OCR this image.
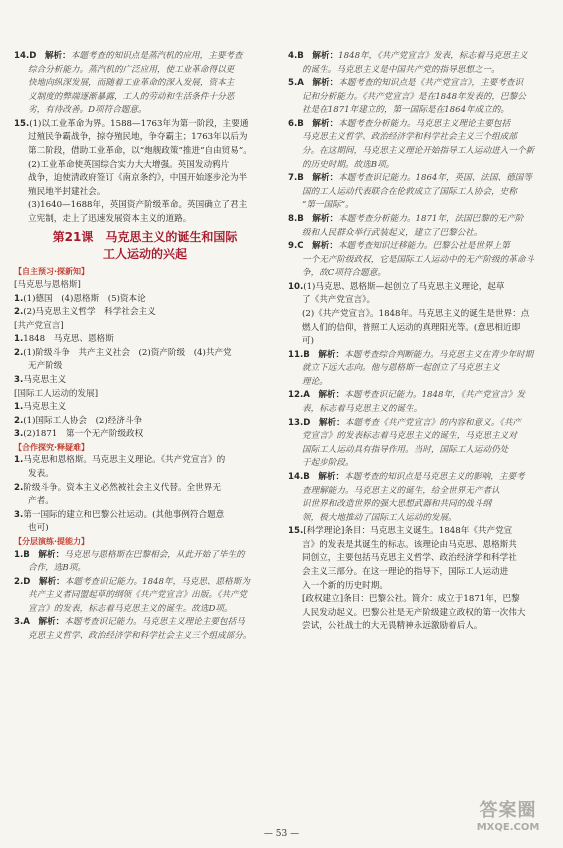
14.D　解析：本题考查的知识点是蒸汽机的应用，主要考查

综合分析能力。蒸汽机的广泛应用，使工业革命得以更

快地向纵深发展，而随着工业革命的深入发展，资本主

义制度的弊端逐渐暴露，工人的劳动和生活条件十分恶

劣，有待改善。D项符合题意。

15.(1)以工业革命为界。1588—1763年为第一阶段，主要通

过殖民争霸战争，掠夺殖民地，争夺霸主；1763年以后为

第二阶段，借助工业革命，以“炮舰政策”推进“自由贸易”。

(2)工业革命使英国综合实力大大增强。英国发动鸦片

战争，迫使清政府签订《南京条约》，中国开始逐步沦为半

殖民地半封建社会。

(3)1640—1688年，英国资产阶级革命。英国确立了君主

立宪制，走上了迅速发展资本主义的道路。

第21课　马克思主义的诞生和国际
工人运动的兴起

【自主预习·探新知】

[马克思与恩格斯]

1.(1)德国　(4)恩格斯　(5)资本论

2.(2)马克思主义哲学　科学社会主义

[共产党宣言]

1.1848　马克思、恩格斯

2.(1)阶级斗争　共产主义社会　(2)资产阶级　(4)共产党

无产阶级

3.马克思主义

[国际工人运动的发展]

1.马克思主义

2.(1)国际工人协会　(2)经济斗争

3.(2)1871　第一个无产阶级政权

【合作探究·释疑难】

1.马克思和恩格斯。马克思主义理论。《共产党宣言》的

发表。

2.阶级斗争。资本主义必然被社会主义代替。全世界无

产者。

3.第一国际的建立和巴黎公社运动。(其他事例符合题意

也可)

【分层演练·提能力】

1.B　解析：马克思与恩格斯在巴黎相会，从此开始了毕生的

合作，选B项。

2.D　解析：本题考查识记能力。1848年，马克思、恩格斯为

共产主义者同盟起草的纲领《共产党宣言》出版。《共产党

宣言》的发表，标志着马克思主义的诞生。故选D项。

3.A　解析：本题考查识记能力。马克思主义理论主要包括马

克思主义哲学、政治经济学和科学社会主义三个组成部分。

4.B　解析：1848年，《共产党宣言》发表，标志着马克思主义

的诞生。马克思主义是中国共产党的指导思想之一。

5.A　解析：本题考查的知识点是《共产党宣言》，主要考查识

记和分析能力。《共产党宣言》是在1848年发表的，巴黎公

社是在1871年建立的，第一国际是在1864年成立的。

6.B　解析：本题考查分析能力。马克思主义理论主要包括

马克思主义哲学、政治经济学和科学社会主义三个组成部

分。在这期间，马克思主义理论开始指导工人运动进入一个新

的历史时期。故选B项。

7.B　解析：本题考查识记能力。1864年，英国、法国、德国等

国的工人运动代表联合在伦敦成立了国际工人协会，史称

“第一国际”。

8.B　解析：本题考查分析能力。1871年，法国巴黎的无产阶

级和人民群众举行武装起义，建立了巴黎公社。

9.C　解析：本题考查知识迁移能力。巴黎公社是世界上第

一个无产阶级政权，它是国际工人运动中的无产阶级的革命斗

争，故C项符合题意。

10.(1)马克思、恩格斯—起创立了马克思主义理论，起草

了《共产党宣言》。

(2)《共产党宣言》。1848年。马克思主义的诞生是世界：点

燃人们的信仰，普照工人运动的真理阳光等。(意思相近即

可)

11.B　解析：本题考查综合判断能力。马克思主义在青少年时期

就立下远大志向。他与恩格斯一起创立了马克思主义

理论。

12.A　解析：本题考查识记能力。1848年，《共产党宣言》发

表，标志着马克思主义的诞生。

13.D　解析：本题考查《共产党宣言》的内容和意义。《共产

党宣言》的发表标志着马克思主义的诞生，马克思主义对

国际工人运动具有指导作用。当时，国际工人运动仍处

于起步阶段。

14.B　解析：本题考查的知识点是马克思主义的影响，主要考

查理解能力。马克思主义的诞生，给全世界无产者认

识世界和改造世界的强大思想武器和共同的战斗纲

领，极大地推动了国际工人运动的发展。

15.[科学理论]条目：马克思主义诞生。1848年《共产党宣

言》的发表是其诞生的标志。该理论由马克思、恩格斯共

同创立，主要包括马克思主义哲学、政治经济学和科学社

会主义三部分。在这一理论的指导下，国际工人运动进

入一个新的历史时期。

[政权建立]条目：巴黎公社。简介：成立于1871年，巴黎

人民发动起义。巴黎公社是无产阶级建立政权的第一次伟大

尝试，公社战士的大无畏精神永远激励着后人。

— 53 —
答案圈
MXQE.COM
